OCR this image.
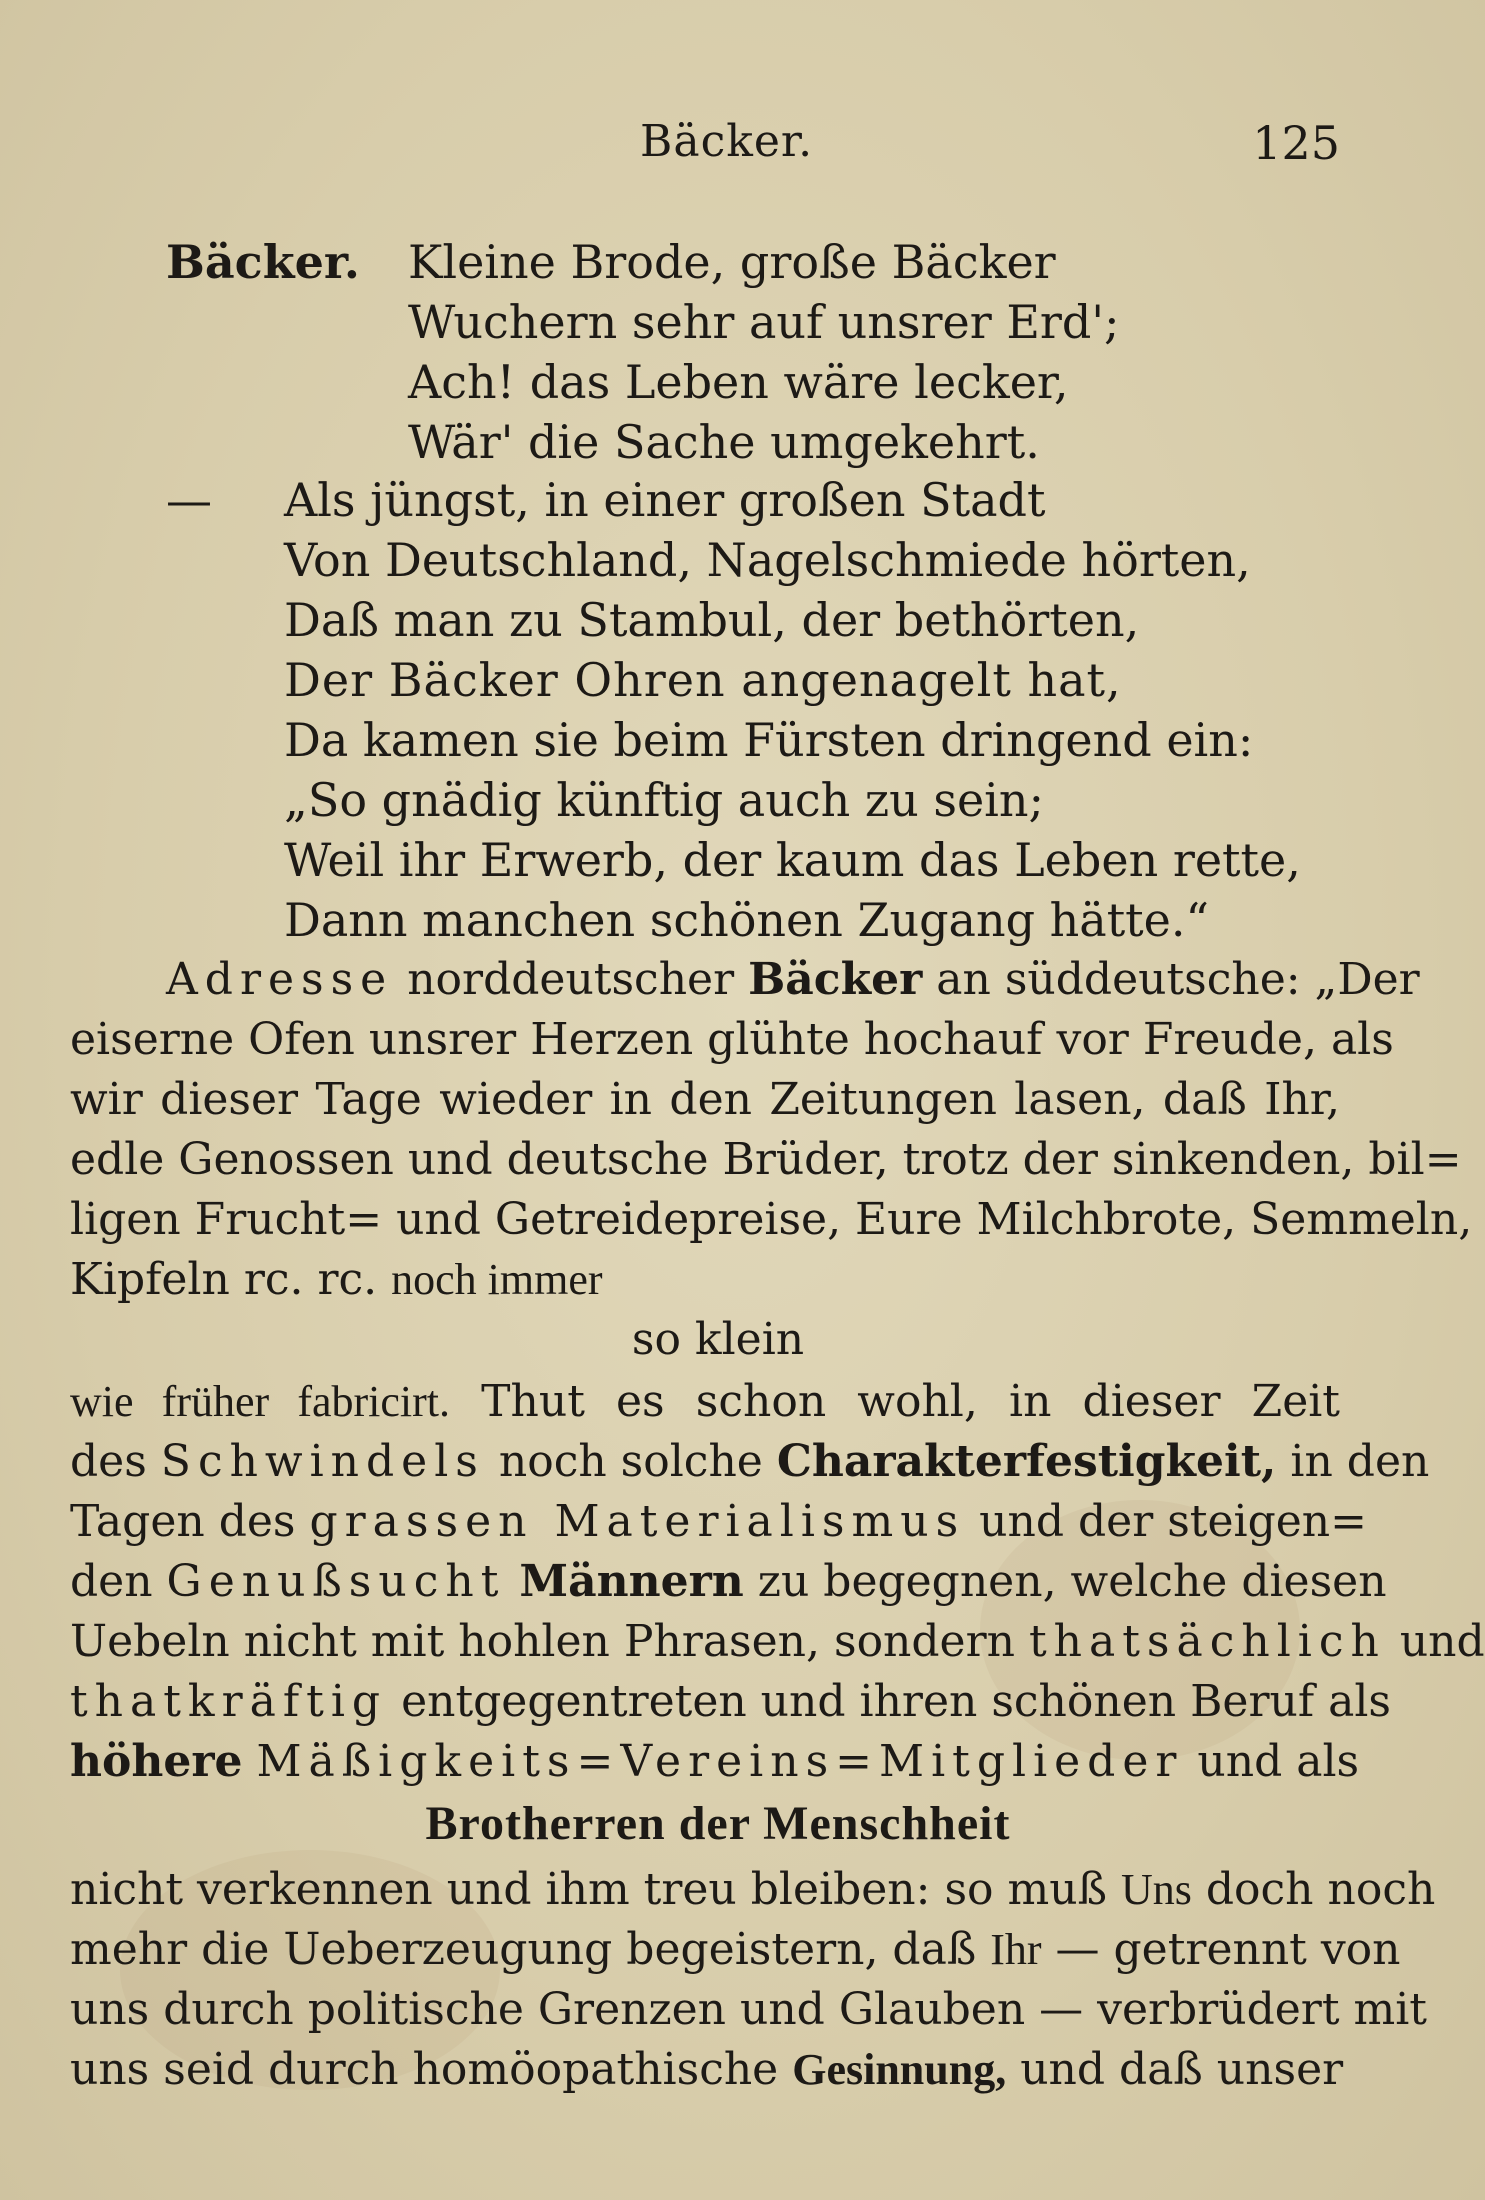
Bäcker.	125
Bäcker. Kleine Brode, große Bäcker
Wuchern sehr auf unsrer Erd';
Ach! das Leben wäre lecker,
Wär' die Sache umgekehrt.
— Als jüngst, in einer großen Stadt
Von Deutschland, Nagelschmiede hörten,
Daß man zu Stambul, der bethörten,
Der Bäcker Ohren angenagelt hat,
Da kamen sie beim Fürsten dringend ein:
„So gnädig künftig auch zu sein;
Weil ihr Erwerb, der kaum das Leben rette,
Dann manchen schönen Zugang hätte.“
Adresse norddeutscher Bäcker an süddeutsche: „Der
eiserne Ofen unsrer Herzen glühte hochauf vor Freude, als
wir dieser Tage wieder in den Zeitungen lasen, daß Ihr,
edle Genossen und deutsche Brüder, trotz der sinkenden, bil=
ligen Frucht= und Getreidepreise, Eure Milchbrote, Semmeln,
Kipfeln rc. rc. noch immer
so klein
wie früher fabricirt. Thut es schon wohl, in dieser Zeit
des Schwindels noch solche Charakterfestigkeit, in den
Tagen des grassen Materialismus und der steigen=
den Genußsucht Männern zu begegnen, welche diesen
Uebeln nicht mit hohlen Phrasen, sondern thatsächlich und
thatkräftig entgegentreten und ihren schönen Beruf als
höhere Mäßigkeits=Vereins=Mitglieder und als
Brotherren der Menschheit
nicht verkennen und ihm treu bleiben: so muß Uns doch noch
mehr die Ueberzeugung begeistern, daß Ihr — getrennt von
uns durch politische Grenzen und Glauben — verbrüdert mit
uns seid durch homöopathische Gesinnung, und daß unser
